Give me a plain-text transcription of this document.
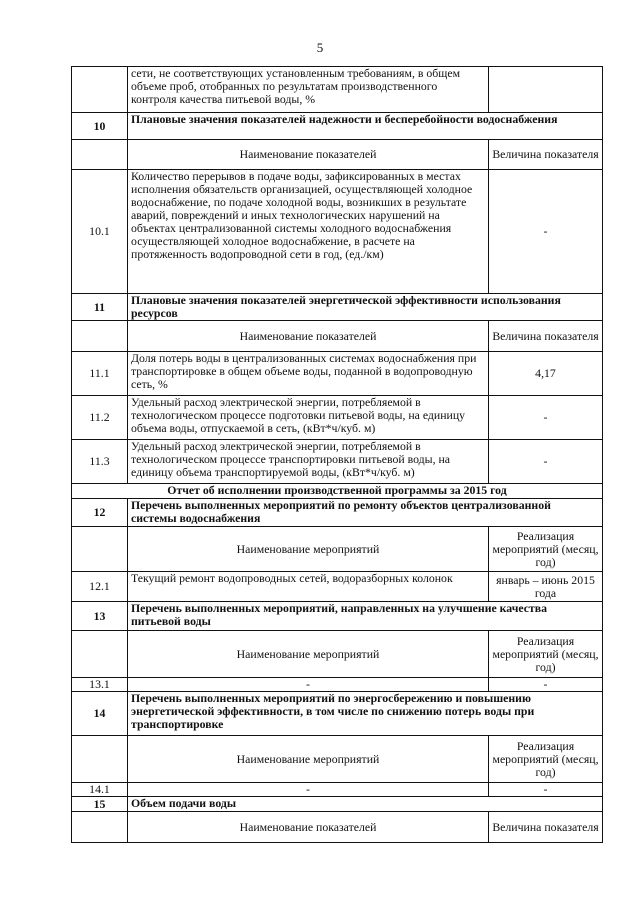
5
	сети, не соответствующих установленным требованиям, в общем объеме проб, отобранных по результатам производственного контроля качества питьевой воды, %	
10	Плановые значения показателей надежности и бесперебойности водоснабжения	
	Наименование показателей	Величина показателя
10.1	Количество перерывов в подаче воды, зафиксированных в местах исполнения обязательств организацией, осуществляющей холодное водоснабжение, по подаче холодной воды, возникших в результате аварий, повреждений и иных технологических нарушений на объектах централизованной системы холодного водоснабжения осуществляющей холодное водоснабжение, в расчете на протяженность водопроводной сети в год, (ед./км)	-
11	Плановые значения показателей энергетической эффективности использования ресурсов	
	Наименование показателей	Величина показателя
11.1	Доля потерь воды в централизованных системах водоснабжения при транспортировке в общем объеме воды, поданной в водопроводную сеть, %	4,17
11.2	Удельный расход электрической энергии, потребляемой в технологическом процессе подготовки питьевой воды, на единицу объема воды, отпускаемой в сеть, (кВт*ч/куб. м)	-
11.3	Удельный расход электрической энергии, потребляемой в технологическом процессе транспортировки питьевой воды, на единицу объема транспортируемой воды, (кВт*ч/куб. м)	-
Отчет об исполнении производственной программы за 2015 год		
12	Перечень выполненных мероприятий по ремонту объектов централизованной системы водоснабжения	
	Наименование мероприятий	Реализация мероприятий (месяц, год)
12.1	Текущий ремонт водопроводных сетей, водоразборных колонок	январь – июнь 2015 года
13	Перечень выполненных мероприятий, направленных на улучшение качества питьевой воды	
	Наименование мероприятий	Реализация мероприятий (месяц, год)
13.1	-	-
14	Перечень выполненных мероприятий по энергосбережению и повышению энергетической эффективности, в том числе по снижению потерь воды при транспортировке	
	Наименование мероприятий	Реализация мероприятий (месяц, год)
14.1	-	-
15	Объем подачи воды	
	Наименование показателей	Величина показателя
